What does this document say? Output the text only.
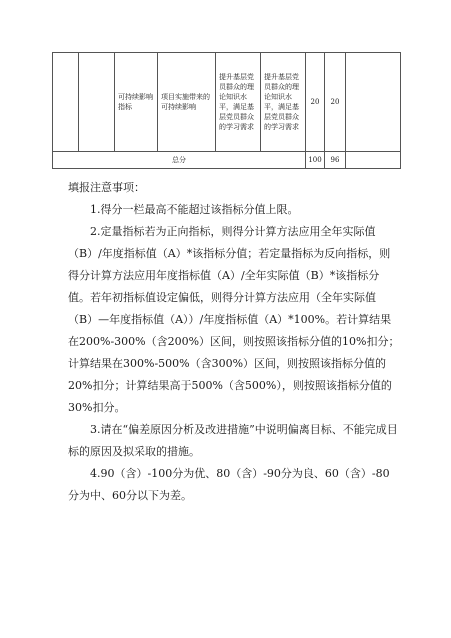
		可持续影响指标	项目实施带来的可持续影响	提升基层党员群众的理论知识水平，满足基层党员群众的学习需求	提升基层党员群众的理论知识水平，满足基层党员群众的学习需求	20	20	
总分						100	96	

填报注意事项：

1.得分一栏最高不能超过该指标分值上限。

2.定量指标若为正向指标，则得分计算方法应用全年实际值（B）/年度指标值（A）*该指标分值；若定量指标为反向指标，则得分计算方法应用年度指标值（A）/全年实际值（B）*该指标分值。若年初指标值设定偏低，则得分计算方法应用（全年实际值（B）—年度指标值（A））/年度指标值（A）*100%。若计算结果在200%-300%（含200%）区间，则按照该指标分值的10%扣分；计算结果在300%-500%（含300%）区间，则按照该指标分值的20%扣分；计算结果高于500%（含500%），则按照该指标分值的30%扣分。

3.请在“偏差原因分析及改进措施”中说明偏离目标、不能完成目标的原因及拟采取的措施。

4.90（含）-100分为优、80（含）-90分为良、60（含）-80分为中、60分以下为差。
